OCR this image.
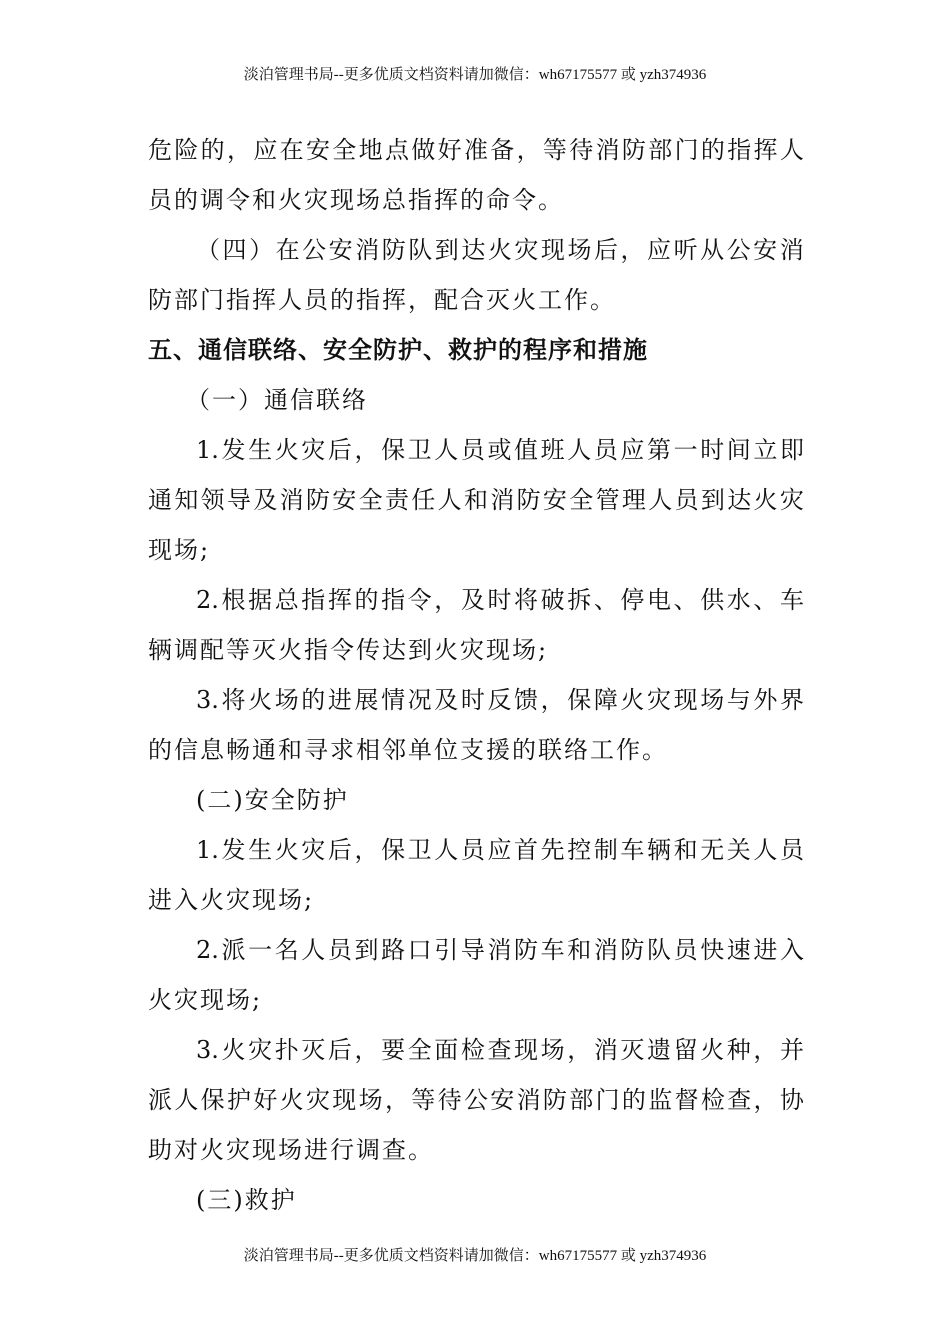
淡泊管理书局--更多优质文档资料请加微信：wh67175577 或 yzh374936
危 险 的 ， 应 在 安 全 地 点 做 好 准 备 ， 等 待 消 防 部 门 的 指 挥 人
员的调令和火灾现场总指挥的命令。
（ 四 ） 在 公 安 消 防 队 到 达 火 灾 现 场 后 ， 应 听 从 公 安 消
防部门指挥人员的指挥，配合灭火工作。
五、通信联络、安全防护、救护的程序和措施
（一）通信联络
1. 发 生 火 灾 后 ， 保 卫 人 员 或 值 班 人 员 应 第 一 时 间 立 即
通 知 领 导 及 消 防 安 全 责 任 人 和 消 防 安 全 管 理 人 员 到 达 火 灾
现场;
2. 根 据 总 指 挥 的 指 令 ， 及 时 将 破 拆 、 停 电 、 供 水 、 车
辆调配等灭火指令传达到火灾现场;
3. 将 火 场 的 进 展 情 况 及 时 反 馈 ， 保 障 火 灾 现 场 与 外 界
的信息畅通和寻求相邻单位支援的联络工作。
(二)安全防护
1. 发 生 火 灾 后 ， 保 卫 人 员 应 首 先 控 制 车 辆 和 无 关 人 员
进入火灾现场;
2. 派 一 名 人 员 到 路 口 引 导 消 防 车 和 消 防 队 员 快 速 进 入
火灾现场;
3. 火 灾 扑 灭 后 ， 要 全 面 检 查 现 场 ， 消 灭 遗 留 火 种 ， 并
派 人 保 护 好 火 灾 现 场 ， 等 待 公 安 消 防 部 门 的 监 督 检 查 ， 协
助对火灾现场进行调查。
(三)救护
淡泊管理书局--更多优质文档资料请加微信：wh67175577 或 yzh374936
